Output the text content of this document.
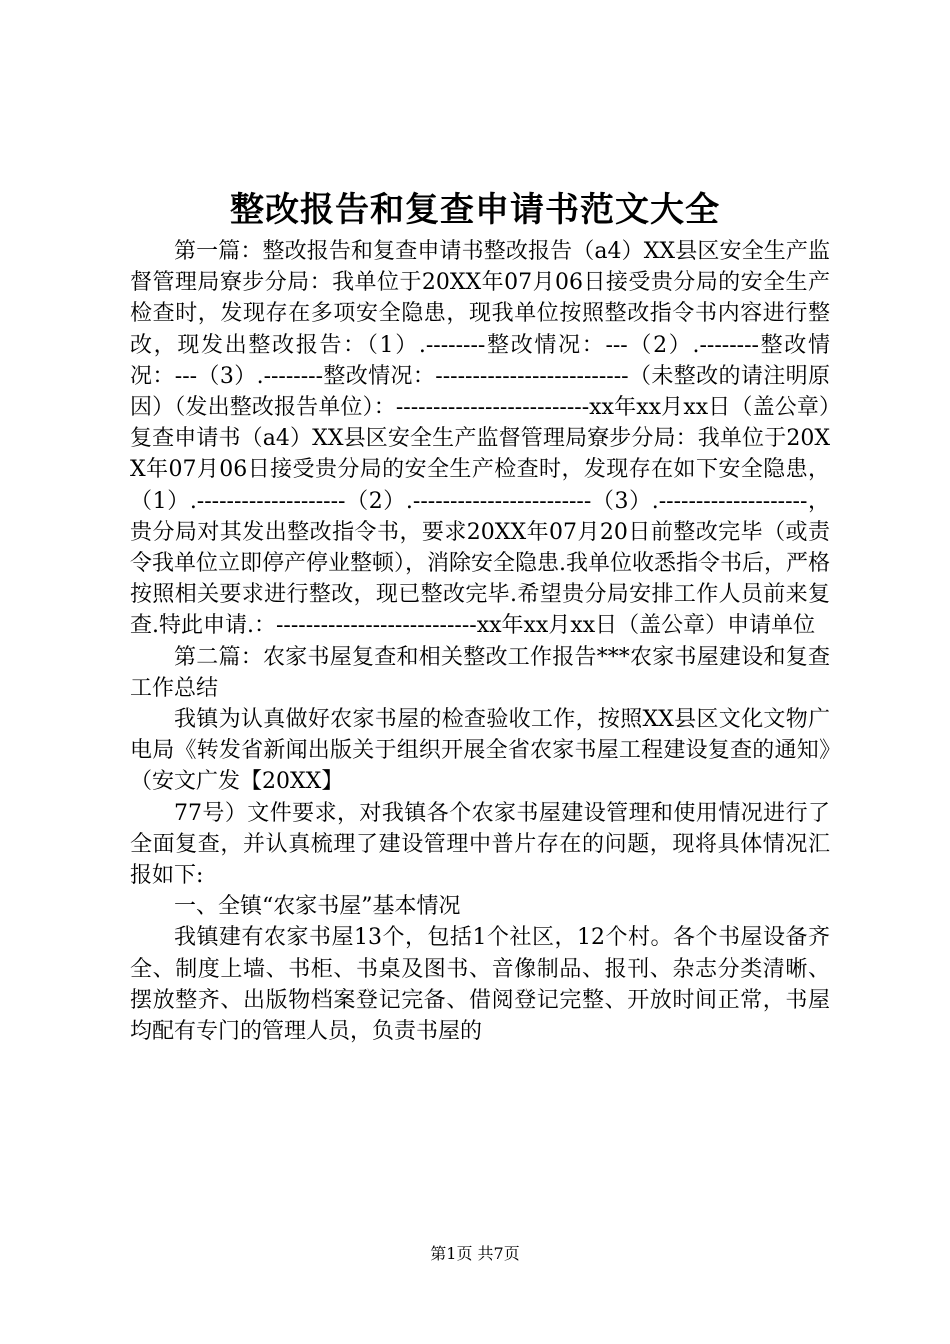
整改报告和复查申请书范文大全

第一篇：整改报告和复查申请书整改报告（a4）XX县区安全生产监督管理局寮步分局：我单位于20XX年07月06日接受贵分局的安全生产检查时，发现存在多项安全隐患，现我单位按照整改指令书内容进行整改，现发出整改报告：（1）.--------整改情况：---（2）.--------整改情况：---（3）.--------整改情况：--------------------------（未整改的请注明原因）（发出整改报告单位）：--------------------------xx年xx月xx日（盖公章）复查申请书（a4）XX县区安全生产监督管理局寮步分局：我单位于20XX年07月06日接受贵分局的安全生产检查时，发现存在如下安全隐患，（1）.--------------------（2）.------------------------（3）.--------------------，贵分局对其发出整改指令书，要求20XX年07月20日前整改完毕（或责令我单位立即停产停业整顿），消除安全隐患.我单位收悉指令书后，严格按照相关要求进行整改，现已整改完毕.希望贵分局安排工作人员前来复查.特此申请.：---------------------------xx年xx月xx日（盖公章）申请单位

第二篇：农家书屋复查和相关整改工作报告***农家书屋建设和复查工作总结

我镇为认真做好农家书屋的检查验收工作，按照XX县区文化文物广电局《转发省新闻出版关于组织开展全省农家书屋工程建设复查的通知》（安文广发【20XX】

77号）文件要求，对我镇各个农家书屋建设管理和使用情况进行了全面复查，并认真梳理了建设管理中普片存在的问题，现将具体情况汇报如下:

一、全镇“农家书屋”基本情况

我镇建有农家书屋13个，包括1个社区，12个村。各个书屋设备齐全、制度上墙、书柜、书桌及图书、音像制品、报刊、杂志分类清晰、摆放整齐、出版物档案登记完备、借阅登记完整、开放时间正常，书屋均配有专门的管理人员，负责书屋的

第1页 共7页
